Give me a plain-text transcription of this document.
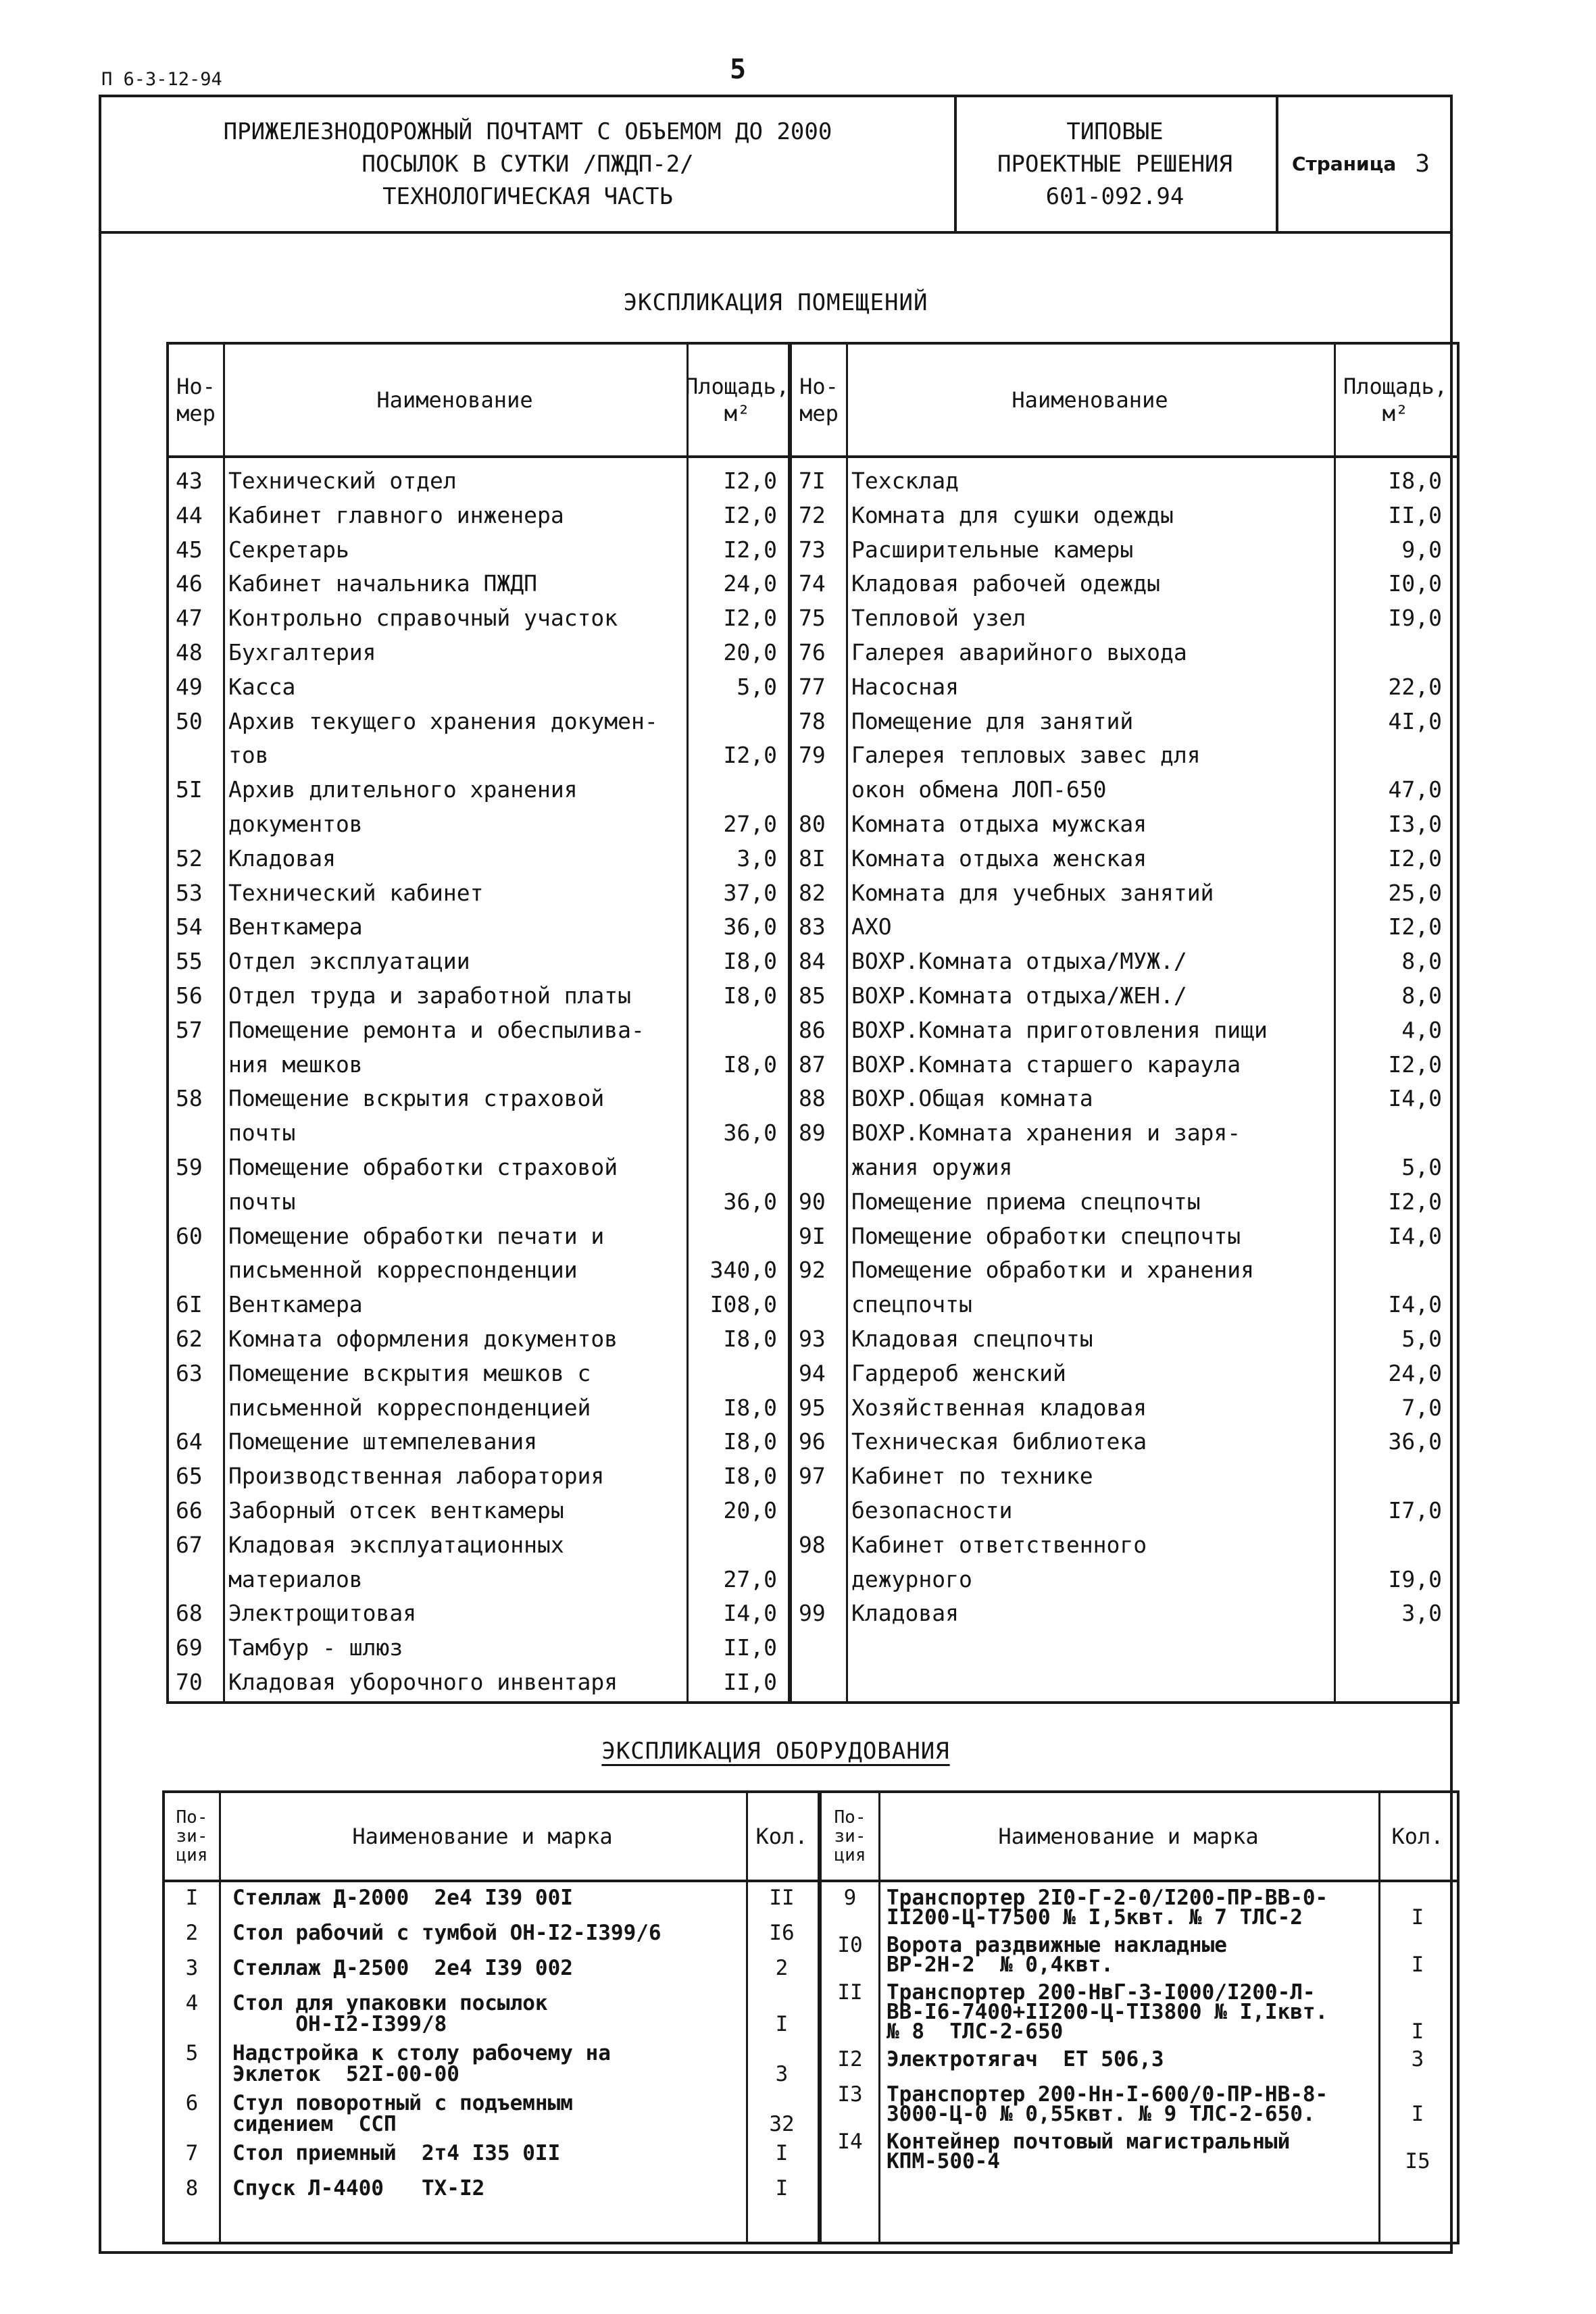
П 6-3-12-94	5
ПРИЖЕЛЕЗНОДОРОЖНЫЙ ПОЧТАМТ С ОБЪЕМОМ ДО 2000
ПОСЫЛОК В СУТКИ /ПЖДП-2/
ТЕХНОЛОГИЧЕСКАЯ ЧАСТЬ
ТИПОВЫЕ
ПРОЕКТНЫЕ РЕШЕНИЯ
601-092.94
Страница 3
ЭКСПЛИКАЦИЯ ПОМЕЩЕНИЙ
Но-мер
Наименование
Площадь, м²
Но-мер
Наименование
Площадь, м²
43 Технический отдел	I2,0
44 Кабинет главного инженера	I2,0
45 Секретарь	I2,0
46 Кабинет начальника ПЖДП	24,0
47 Контрольно справочный участок	I2,0
48 Бухгалтерия	20,0
49 Касса	5,0
50 Архив текущего хранения докумен-
тов	I2,0
5I Архив длительного хранения
документов	27,0
52 Кладовая	3,0
53 Технический кабинет	37,0
54 Венткамера	36,0
55 Отдел эксплуатации	I8,0
56 Отдел труда и заработной платы	I8,0
57 Помещение ремонта и обеспыливa-
ния мешков	I8,0
58 Помещение вскрытия страховой
почты	36,0
59 Помещение обработки страховой
почты	36,0
60 Помещение обработки печати и
письменной корреспонденции	340,0
6I Венткамера	I08,0
62 Комната оформления документов	I8,0
63 Помещение вскрытия мешков с
письменной корреспонденцией	I8,0
64 Помещение штемпелевания	I8,0
65 Производственная лаборатория	I8,0
66 Заборный отсек венткамеры	20,0
67 Кладовая эксплуатационных
материалов	27,0
68 Электрощитовая	I4,0
69 Тамбур - шлюз	II,0
70 Кладовая уборочного инвентаря	II,0
7I Техсклад	I8,0
72 Комната для сушки одежды	II,0
73 Расширительные камеры	9,0
74 Кладовая рабочей одежды	I0,0
75 Тепловой узел	I9,0
76 Галерея аварийного выхода
77 Насосная	22,0
78 Помещение для занятий	4I,0
79 Галерея тепловых завес для
окон обмена ЛОП-650	47,0
80 Комната отдыха мужская	I3,0
8I Комната отдыха женская	I2,0
82 Комната для учебных занятий	25,0
83 АХО	I2,0
84 ВОХР.Комната отдыха/МУЖ./	8,0
85 ВОХР.Комната отдыха/ЖЕН./	8,0
86 ВОХР.Комната приготовления пищи	4,0
87 ВОХР.Комната старшего караула	I2,0
88 ВОХР.Общая комната	I4,0
89 ВОХР.Комната хранения и заря-
жания оружия	5,0
90 Помещение приема спецпочты	I2,0
9I Помещение обработки спецпочты	I4,0
92 Помещение обработки и хранения
спецпочты	I4,0
93 Кладовая спецпочты	5,0
94 Гардероб женский	24,0
95 Хозяйственная кладовая	7,0
96 Техническая библиотека	36,0
97 Кабинет по технике
безопасности	I7,0
98 Кабинет ответственного
дежурного	I9,0
99 Кладовая	3,0
ЭКСПЛИКАЦИЯ ОБОРУДОВАНИЯ
По-зи-ция
Наименование и марка	Кол.
По-зи-ция
Наименование и марка	Кол.
I	Стеллаж Д-2000  2е4 I39 00I	II
2	Стол рабочий с тумбой ОН-I2-I399/6	I6
3	Стеллаж Д-2500  2е4 I39 002	2
4	Стол для упаковки посылок
ОН-I2-I399/8	I
5	Надстройка к столу рабочему на
Эклеток  52I-00-00	3
6	Стул поворотный с подъемным
сидением  ССП	32
7	Стол приемный  2т4 I35 0II	I
8	Спуск Л-4400   ТХ-I2	I
9	Транспортер 2I0-Г-2-0/I200-ПР-ВВ-0-
II200-Ц-Т7500 № I,5квт. № 7 ТЛС-2	I
I0	Ворота раздвижные накладные
ВР-2Н-2  № 0,4квт.	I
II	Транспортер 200-НвГ-3-I000/I200-Л-
ВВ-I6-7400+II200-Ц-ТI3800 № I,Iквт.
№ 8  ТЛС-2-650	I
I2	Электротягач  ЕТ 506,3	3
I3	Транспортер 200-Нн-I-600/0-ПР-НВ-8-
3000-Ц-0 № 0,55квт. № 9 ТЛС-2-650.	I
I4	Контейнер почтовый магистральный
КПМ-500-4	I5
